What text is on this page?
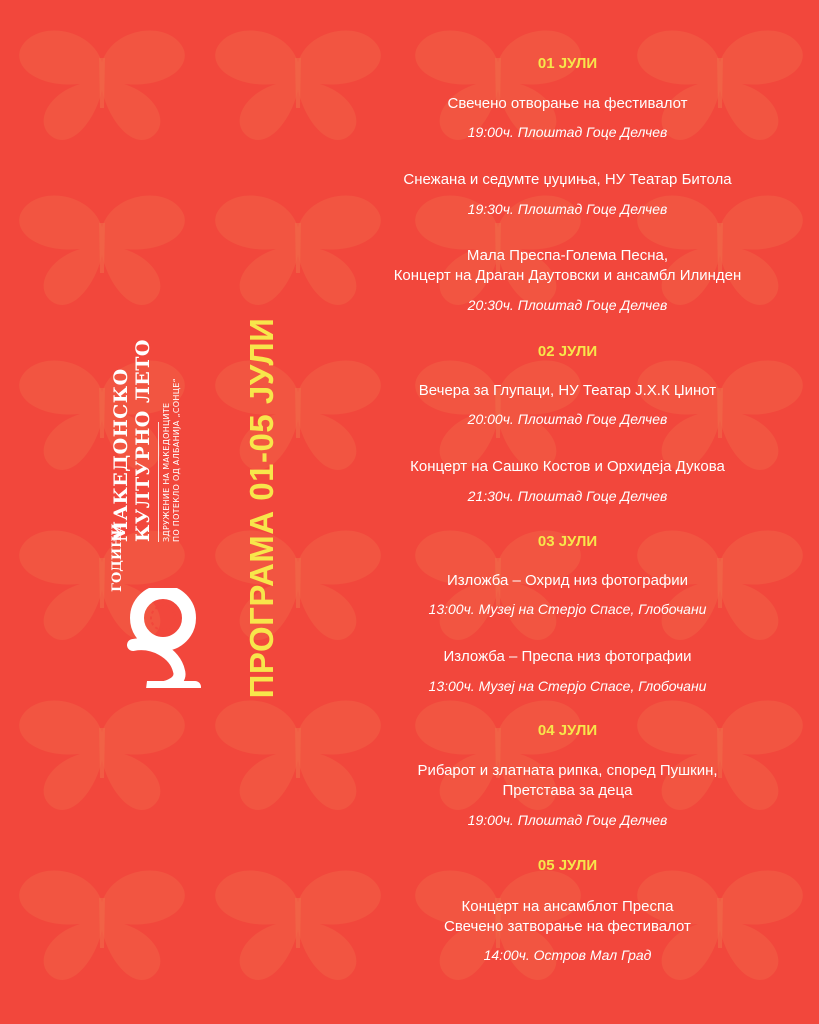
ГОДИНИ
МАКЕДОНСКО КУЛТУРНО ЛЕТО ЗДРУЖЕНИЕ НА МАКЕДОНЦИТЕ ПО ПОТЕКЛО ОД АЛБАНИЈА „СОНЦЕ“ ПРОГРАМА 01-05 ЈУЛИ
01 ЈУЛИ
Свечено отворање на фестивалот
19:00ч. Плоштад Гоце Делчев
Снежана и седумте џуџиња, НУ Театар Битола
19:30ч. Плоштад Гоце Делчев
Мала Преспа-Голема Песна,
Концерт на Драган Даутовски и ансамбл Илинден
20:30ч. Плоштад Гоце Делчев
02 ЈУЛИ
Вечера за Глупаци, НУ Театар Ј.Х.К Џинот
20:00ч. Плоштад Гоце Делчев
Концерт на Сашко Костов и Орхидеја Дукова
21:30ч. Плоштад Гоце Делчев
03 ЈУЛИ
Изложба – Охрид низ фотографии
13:00ч. Музеј на Стерјо Спасе, Глобочани
Изложба – Преспа низ фотографии
13:00ч. Музеј на Стерјо Спасе, Глобочани
04 ЈУЛИ
Рибарот и златната рипка, според Пушкин,
Претстава за деца
19:00ч. Плоштад Гоце Делчев
05 ЈУЛИ
Концерт на ансамблот Преспа
Свечено затворање на фестивалот
14:00ч. Остров Мал Град
